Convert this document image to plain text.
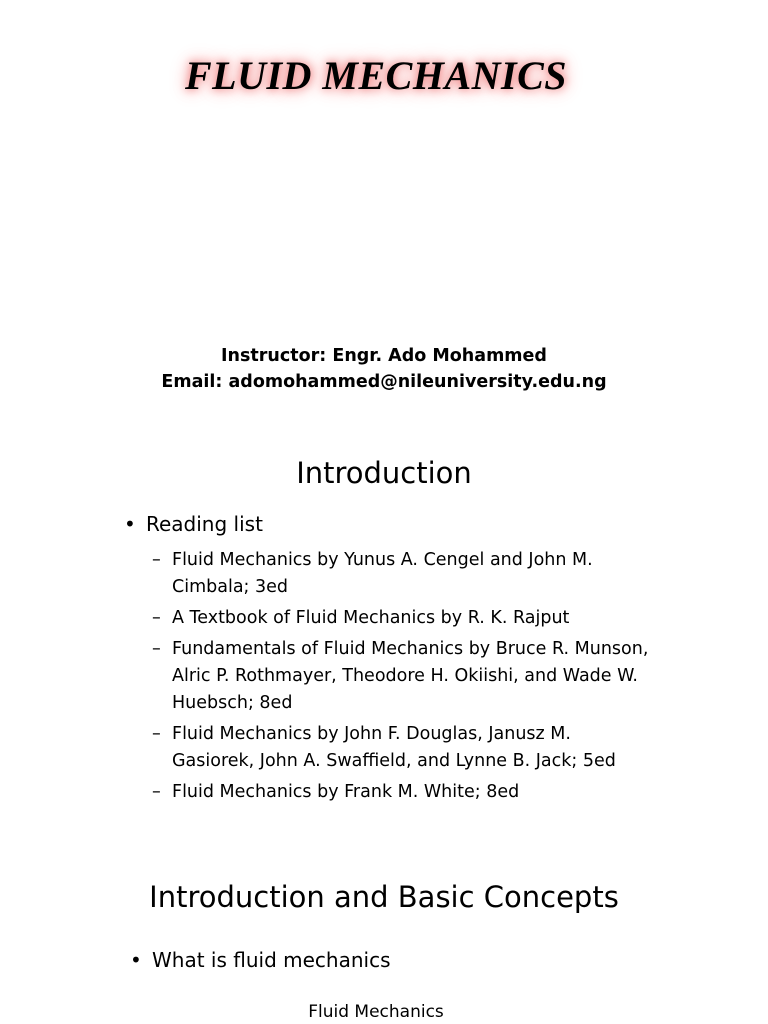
FLUID MECHANICS
Instructor: Engr. Ado Mohammed
Email: adomohammed@nileuniversity.edu.ng
Introduction
• Reading list
– Fluid Mechanics by Yunus A. Cengel and John M. Cimbala; 3ed
– A Textbook of Fluid Mechanics by R. K. Rajput
– Fundamentals of Fluid Mechanics by Bruce R. Munson, Alric P. Rothmayer, Theodore H. Okiishi, and Wade W. Huebsch; 8ed
– Fluid Mechanics by John F. Douglas, Janusz M. Gasiorek, John A. Swaffield, and Lynne B. Jack; 5ed
– Fluid Mechanics by Frank M. White; 8ed
Introduction and Basic Concepts
• What is fluid mechanics
Fluid Mechanics
